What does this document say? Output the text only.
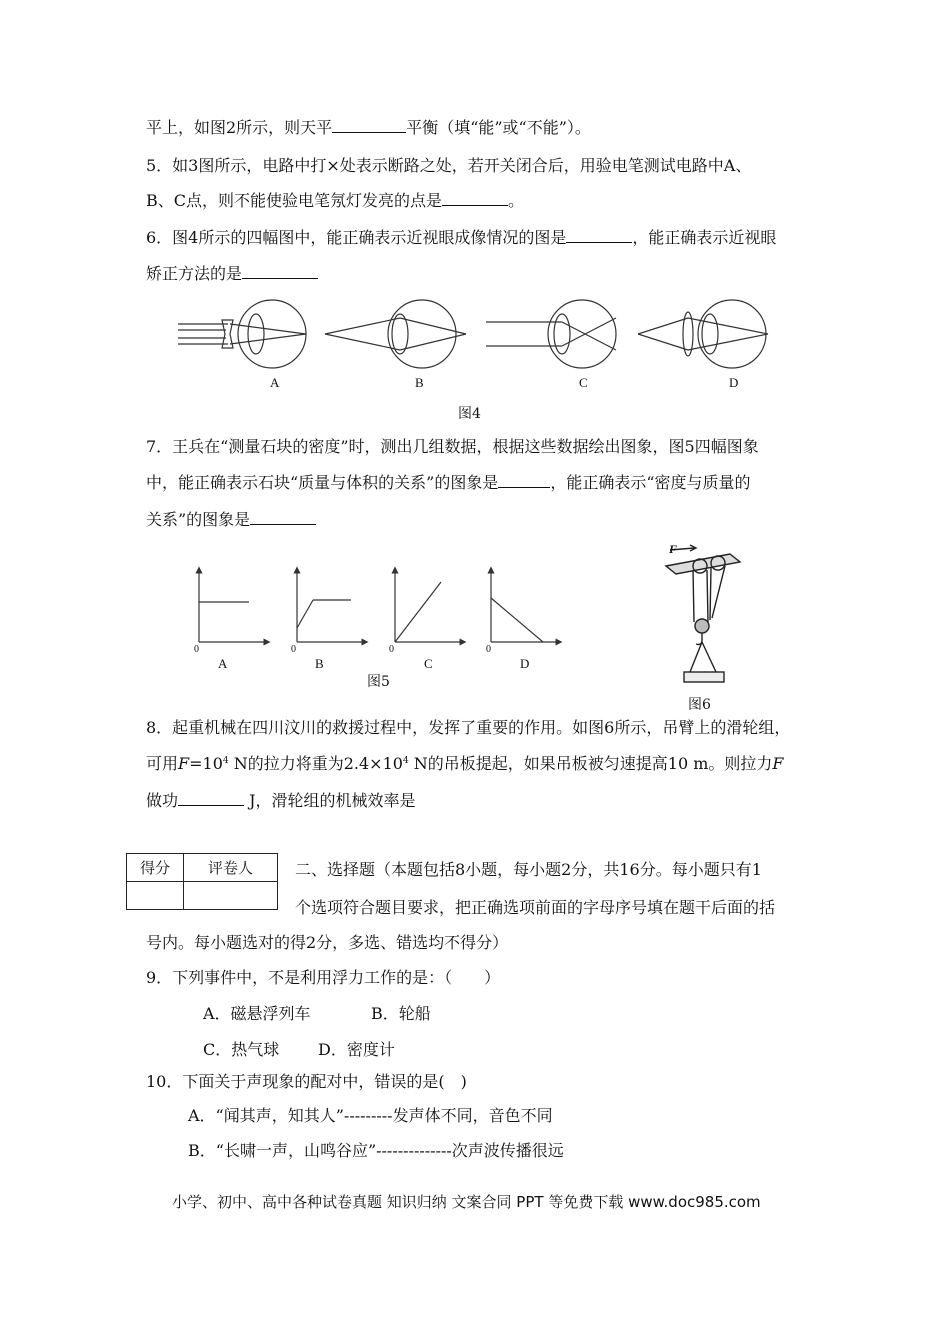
平上，如图2所示，则天平	平衡（填“能”或“不能”）。
5．如3图所示，电路中打×处表示断路之处，若开关闭合后，用验电笔测试电路中A、
B、C点，则不能使验电笔氖灯发亮的点是	。
6．图4所示的四幅图中，能正确表示近视眼成像情况的图是	，能正确表示近视眼
矫正方法的是
A	B	C	D
图4
7．王兵在“测量石块的密度”时，测出几组数据，根据这些数据绘出图象，图5四幅图象
中，能正确表示石块“质量与体积的关系”的图象是	，能正确表示“密度与质量的
关系”的图象是
0	0	0	0
A	B	C	D
图5
F
图6
8．起重机械在四川汶川的救援过程中，发挥了重要的作用。如图6所示，吊臂上的滑轮组，
可用$F=10^4$ N的拉力将重为$2.4\times 10^4$ N的吊板提起，如果吊板被匀速提高10 m。则拉力F
做功	J，滑轮组的机械效率是
得分	评卷人
		二、选择题（本题包括8小题，每小题2分，共16分。每小题只有1
个选项符合题目要求，把正确选项前面的字母序号填在题干后面的括
号内。每小题选对的得2分，多选、错选均不得分）
9．下列事件中，不是利用浮力工作的是：（　　）
A．磁悬浮列车	B．轮船
C．热气球 D．密度计
10．下面关于声现象的配对中，错误的是(　)
A．“闻其声，知其人”---------发声体不同，音色不同
B．“长啸一声，山鸣谷应”--------------次声波传播很远
小学、初中、高中各种试卷真题 知识归纳 文案合同 PPT 等免费下载 www.doc985.com
